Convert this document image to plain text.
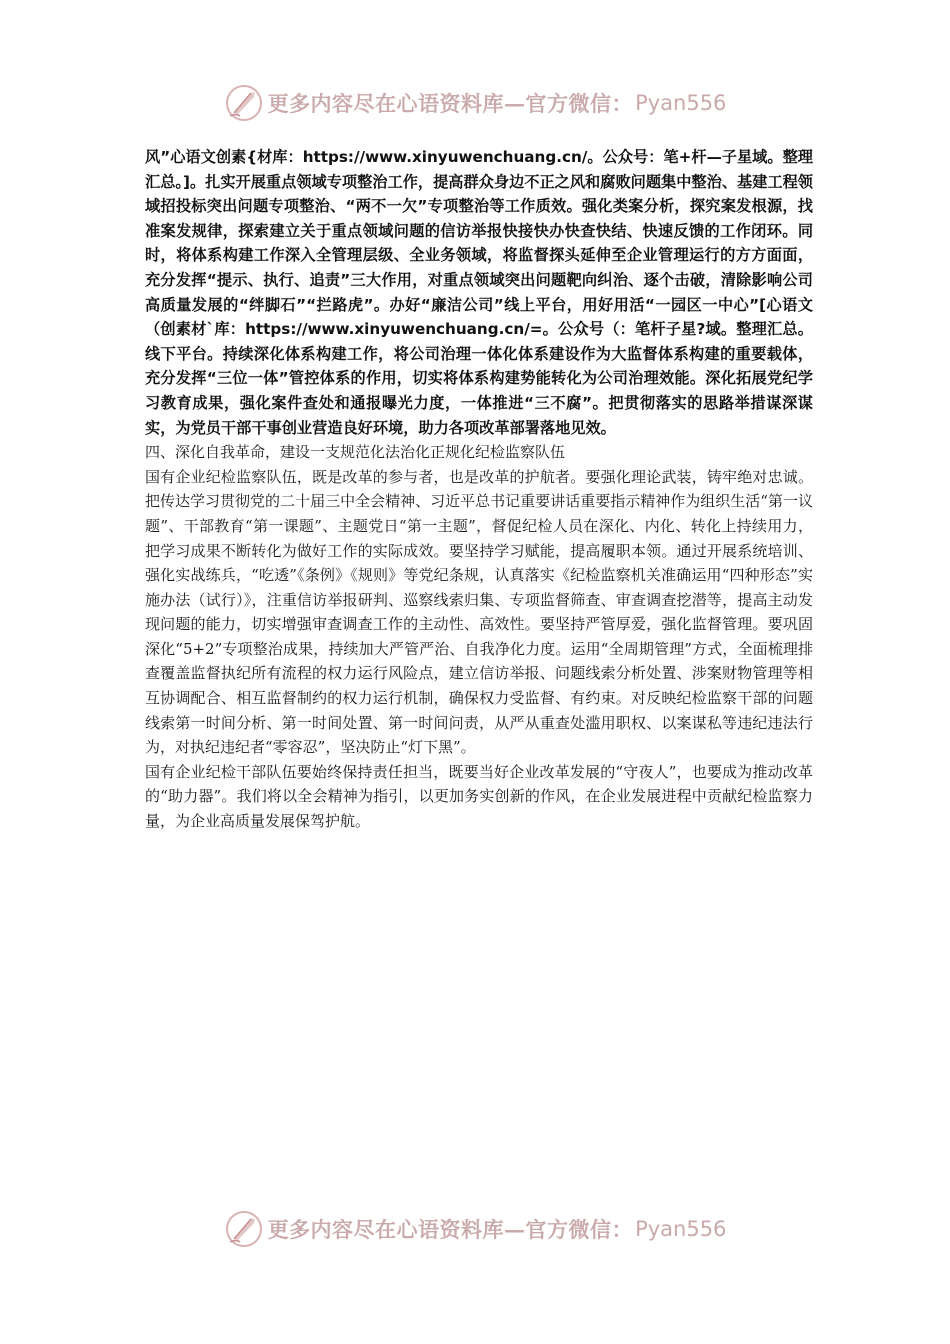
更多内容尽在心语资料库—官方微信： Pyan556

风”心语文创素{材库：https://www.xinyuwenchuang.cn/。公众号：笔+杆—子星域。整理汇总。]。扎实开展重点领域专项整治工作，提高群众身边不正之风和腐败问题集中整治、基建工程领域招投标突出问题专项整治、“两不一欠”专项整治等工作质效。强化类案分析，探究案发根源，找准案发规律，探索建立关于重点领域问题的信访举报快接快办快查快结、快速反馈的工作闭环。同时，将体系构建工作深入全管理层级、全业务领域，将监督探头延伸至企业管理运行的方方面面，充分发挥“提示、执行、追责”三大作用，对重点领域突出问题靶向纠治、逐个击破，清除影响公司高质量发展的“绊脚石”“拦路虎”。办好“廉洁公司”线上平台，用好用活“一园区一中心”[心语文（创素材`库：https://www.xinyuwenchuang.cn/=。公众号（：笔杆子星?域。整理汇总。线下平台。持续深化体系构建工作，将公司治理一体化体系建设作为大监督体系构建的重要载体，充分发挥“三位一体”管控体系的作用，切实将体系构建势能转化为公司治理效能。深化拓展党纪学习教育成果，强化案件查处和通报曝光力度，一体推进“三不腐”。把贯彻落实的思路举措谋深谋实，为党员干部干事创业营造良好环境，助力各项改革部署落地见效。

四、深化自我革命，建设一支规范化法治化正规化纪检监察队伍

国有企业纪检监察队伍，既是改革的参与者，也是改革的护航者。要强化理论武装，铸牢绝对忠诚。把传达学习贯彻党的二十届三中全会精神、习近平总书记重要讲话重要指示精神作为组织生活“第一议题”、干部教育“第一课题”、主题党日“第一主题”，督促纪检人员在深化、内化、转化上持续用力，把学习成果不断转化为做好工作的实际成效。要坚持学习赋能，提高履职本领。通过开展系统培训、强化实战练兵，“吃透”《条例》《规则》等党纪条规，认真落实《纪检监察机关准确运用“四种形态”实施办法（试行）》，注重信访举报研判、巡察线索归集、专项监督筛查、审查调查挖潜等，提高主动发现问题的能力，切实增强审查调查工作的主动性、高效性。要坚持严管厚爱，强化监督管理。要巩固深化“5+2”专项整治成果，持续加大严管严治、自我净化力度。运用“全周期管理”方式，全面梳理排查覆盖监督执纪所有流程的权力运行风险点，建立信访举报、问题线索分析处置、涉案财物管理等相互协调配合、相互监督制约的权力运行机制，确保权力受监督、有约束。对反映纪检监察干部的问题线索第一时间分析、第一时间处置、第一时间问责，从严从重查处滥用职权、以案谋私等违纪违法行为，对执纪违纪者“零容忍”，坚决防止“灯下黑”。

国有企业纪检干部队伍要始终保持责任担当，既要当好企业改革发展的“守夜人”，也要成为推动改革的“助力器”。我们将以全会精神为指引，以更加务实创新的作风，在企业发展进程中贡献纪检监察力量，为企业高质量发展保驾护航。

更多内容尽在心语资料库—官方微信： Pyan556
